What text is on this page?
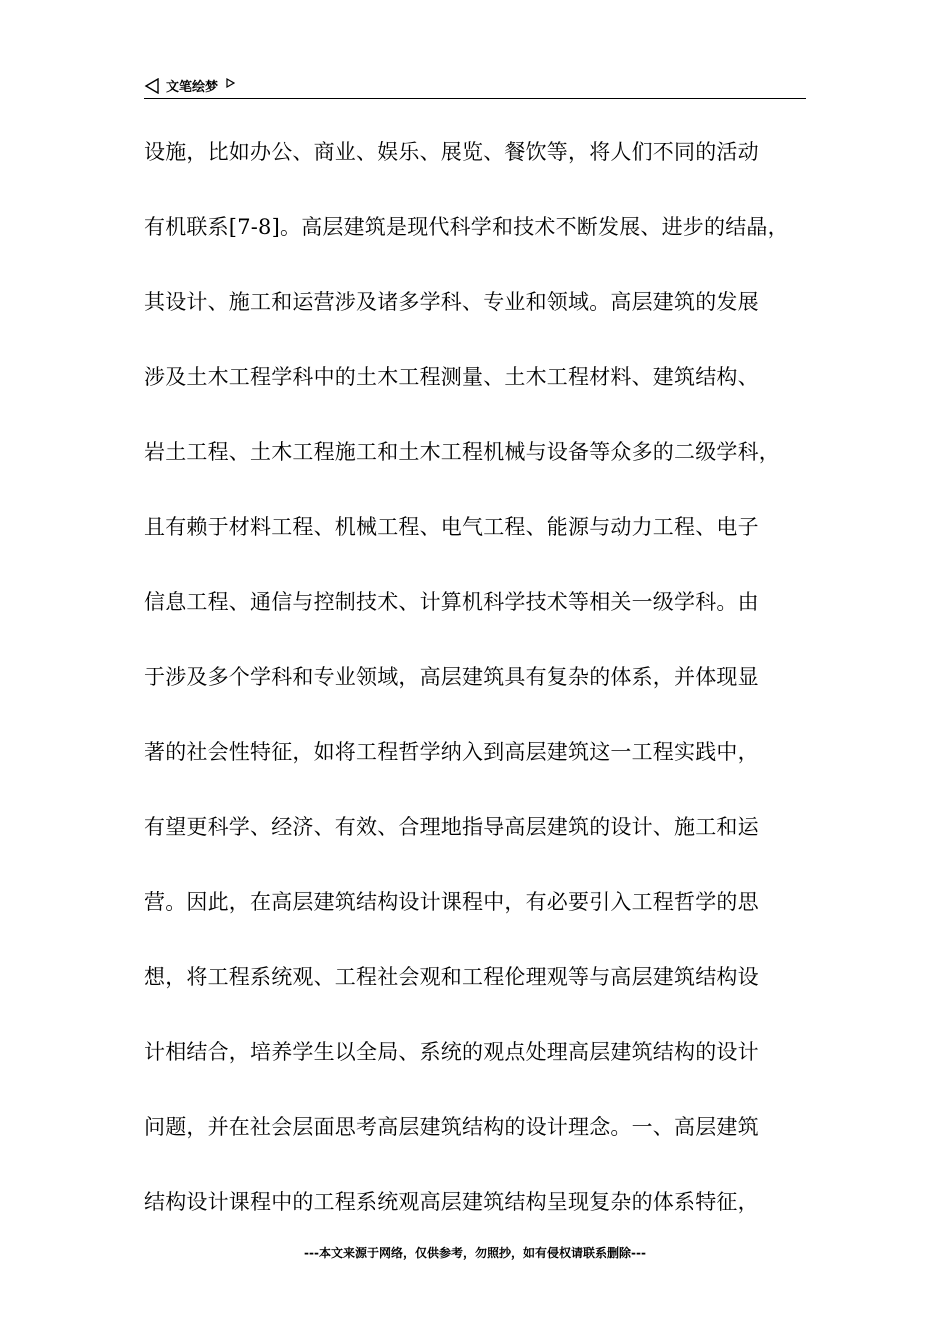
文笔绘梦
设施，比如办公、商业、娱乐、展览、餐饮等，将人们不同的活动
有机联系[7-8]。高层建筑是现代科学和技术不断发展、进步的结晶，
其设计、施工和运营涉及诸多学科、专业和领域。高层建筑的发展
涉及土木工程学科中的土木工程测量、土木工程材料、建筑结构、
岩土工程、土木工程施工和土木工程机械与设备等众多的二级学科，
且有赖于材料工程、机械工程、电气工程、能源与动力工程、电子
信息工程、通信与控制技术、计算机科学技术等相关一级学科。由
于涉及多个学科和专业领域，高层建筑具有复杂的体系，并体现显
著的社会性特征，如将工程哲学纳入到高层建筑这一工程实践中，
有望更科学、经济、有效、合理地指导高层建筑的设计、施工和运
营。因此，在高层建筑结构设计课程中，有必要引入工程哲学的思
想，将工程系统观、工程社会观和工程伦理观等与高层建筑结构设
计相结合，培养学生以全局、系统的观点处理高层建筑结构的设计
问题，并在社会层面思考高层建筑结构的设计理念。一、高层建筑
结构设计课程中的工程系统观高层建筑结构呈现复杂的体系特征，
---本文来源于网络，仅供参考，勿照抄，如有侵权请联系删除---
